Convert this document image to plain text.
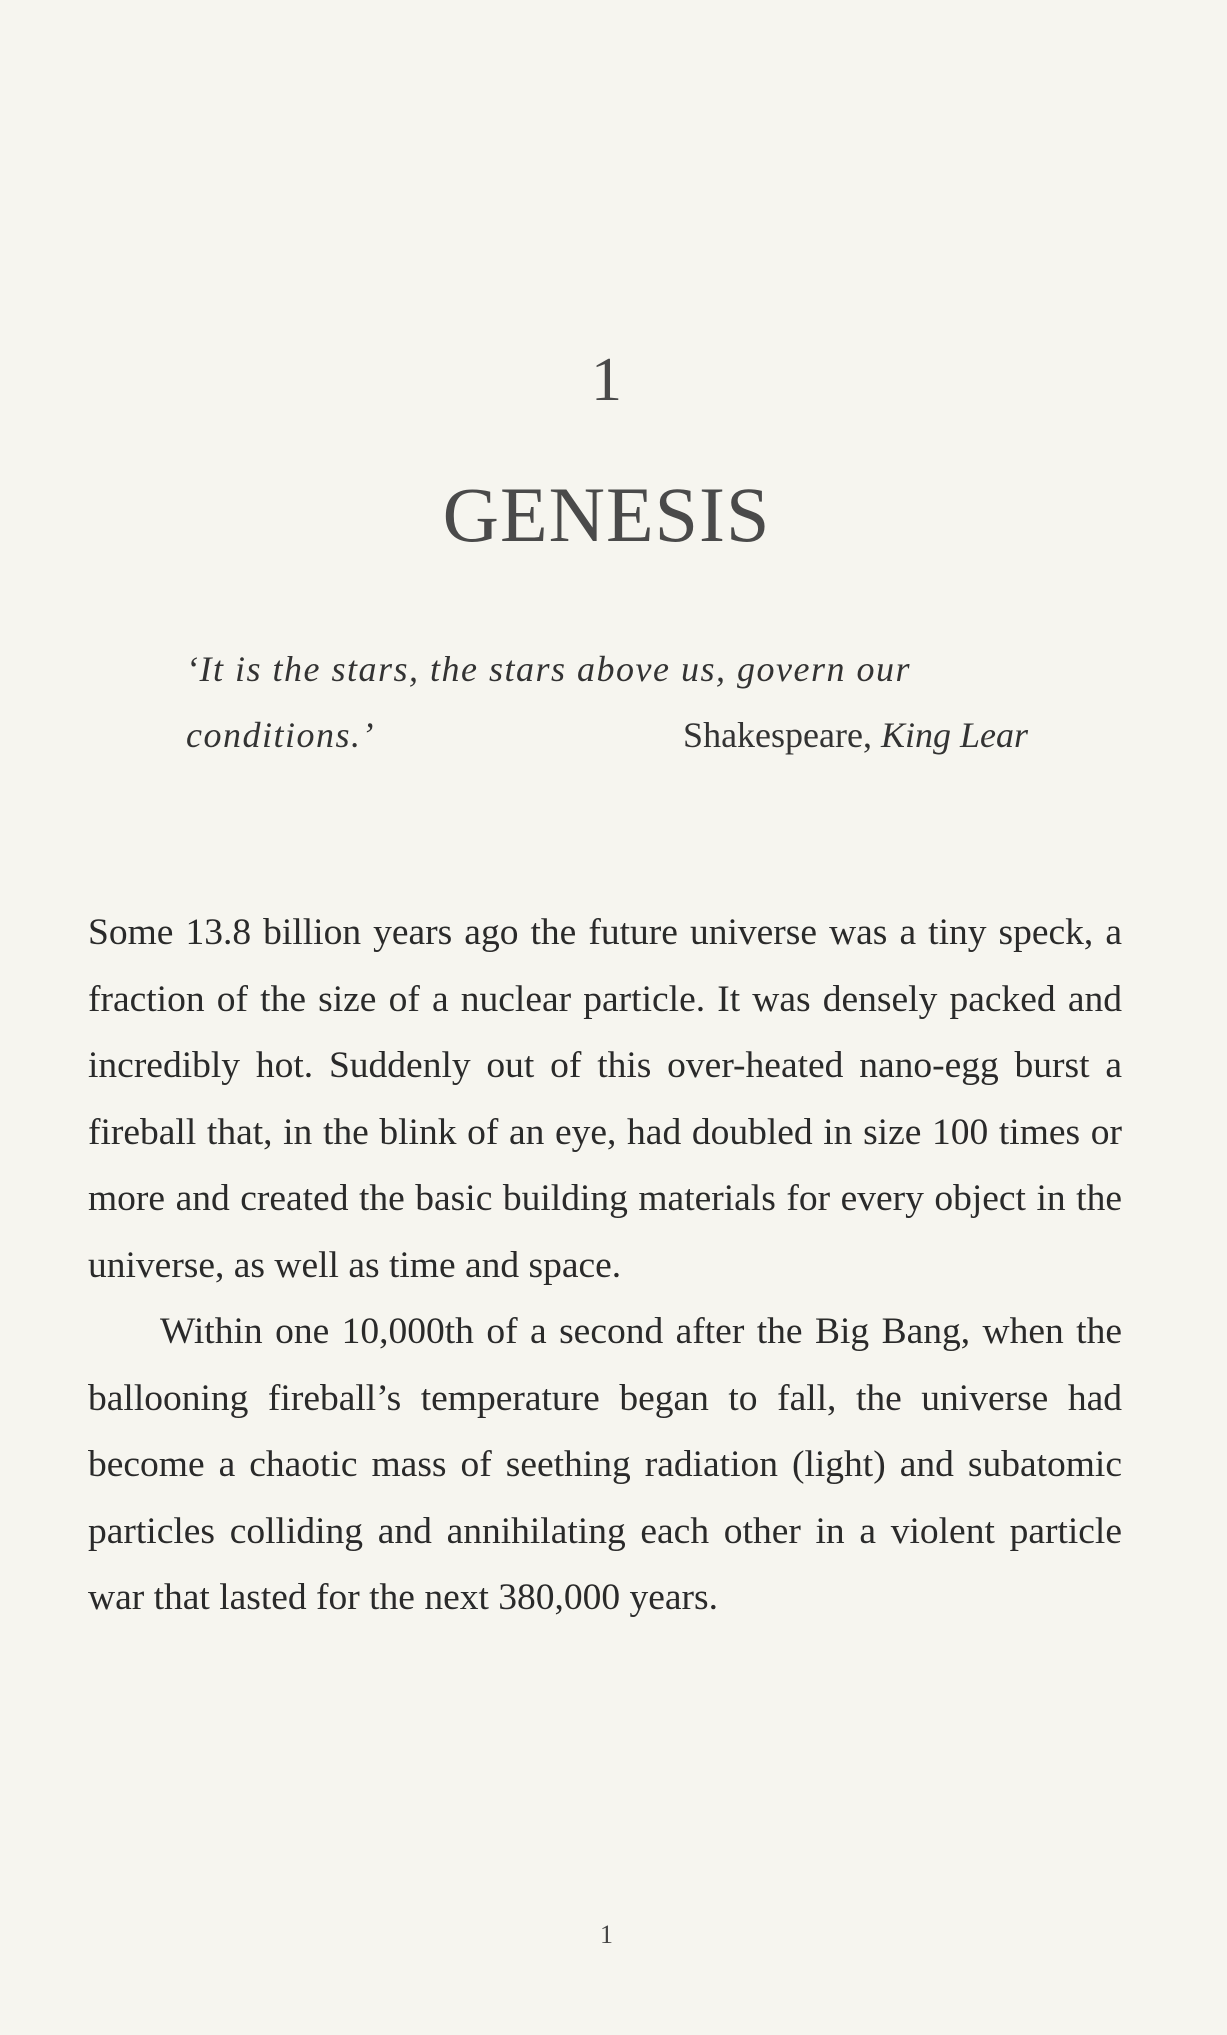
1
GENESIS
‘It is the stars, the stars above us, govern our
conditions.’	Shakespeare, King Lear

Some 13.8 billion years ago the future universe was a tiny speck, a fraction of the size of a nuclear particle. It was densely packed and incredibly hot. Suddenly out of this over-heated nano-egg burst a fireball that, in the blink of an eye, had doubled in size 100 times or more and created the basic building materials for every object in the universe, as well as time and space.

Within one 10,000th of a second after the Big Bang, when the ballooning fireball’s temperature began to fall, the universe had become a chaotic mass of seething radiation (light) and subatomic particles colliding and annihilating each other in a violent particle war that lasted for the next 380,000 years.

1
